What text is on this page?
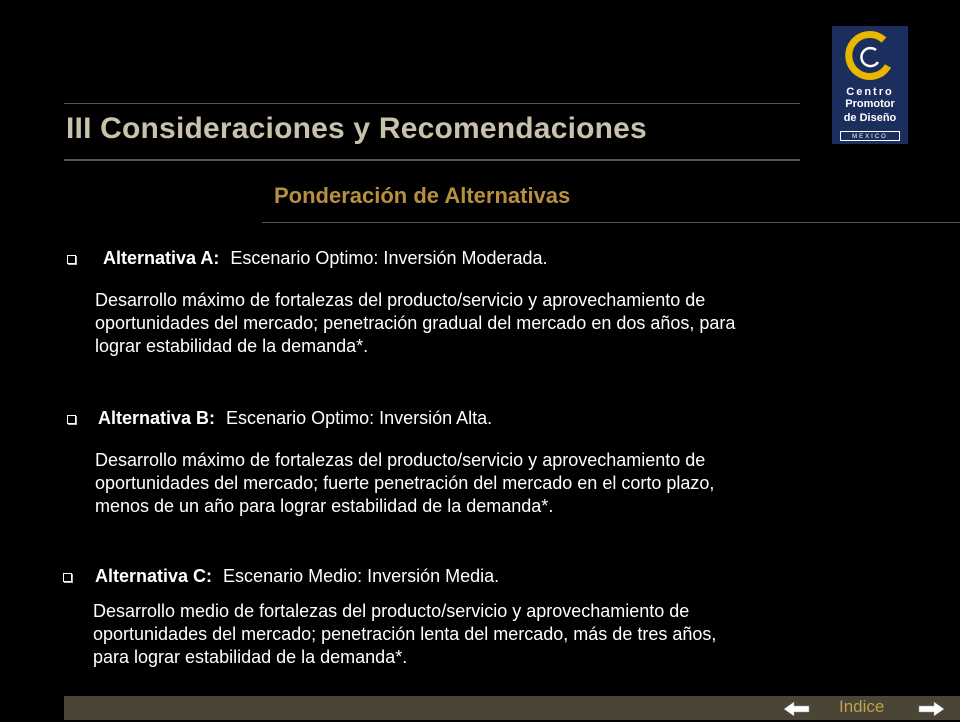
III Consideraciones y Recomendaciones
Ponderación de Alternativas
Centro
Promotor
de Diseño
MEXICO
Alternativa A: Escenario Optimo: Inversión Moderada.
Desarrollo máximo de fortalezas del producto/servicio y aprovechamiento de
oportunidades del mercado; penetración gradual del mercado en dos años, para
lograr estabilidad de la demanda*.
Alternativa B: Escenario Optimo: Inversión Alta.
Desarrollo máximo de fortalezas del producto/servicio y aprovechamiento de
oportunidades del mercado; fuerte penetración del mercado en el corto plazo,
menos de un año para lograr estabilidad de la demanda*.
Alternativa C: Escenario Medio: Inversión Media.
Desarrollo medio de fortalezas del producto/servicio y aprovechamiento de
oportunidades del mercado; penetración lenta del mercado, más de tres años,
para lograr estabilidad de la demanda*.
Indice
